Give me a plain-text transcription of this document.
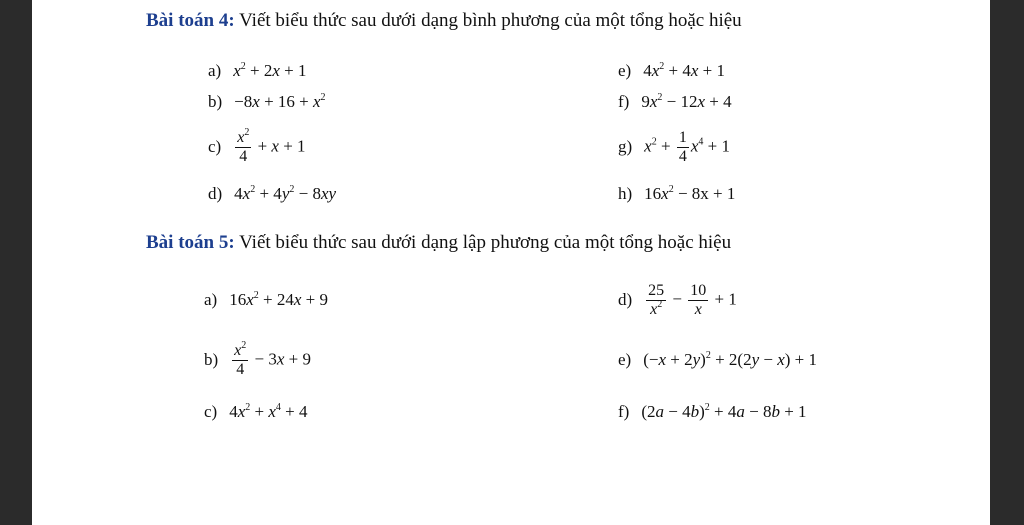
Bài toán 4: Viết biểu thức sau dưới dạng bình phương của một tổng hoặc hiệu
a) $x^2 + 2x + 1$
$b) -8x + 16 + x^2$
$c) \frac{x^2}{4} + x + 1$
d) $4x^2 + 4y^2 - 8xy$
e) $4x^2 + 4x + 1$
f) $9x^2 - 12x + 4$
g) $x^2 + \frac{1}{4} x^4 + 1$
h) $16x^2 - 8x + 1$
Bài toán 5: Viết biểu thức sau dưới dạng lập phương của một tổng hoặc hiệu
a) $16x^2 + 24x + 9$
$b) \frac{x^2}{4} - 3x + 9$
c) $4x^2 + x^4 + 4$
$d) \frac{25}{x^2} - \frac{10}{x} + 1$
e) $(-x + 2y)^2 + 2(2y - x) + 1$
f) $(2a - 4b)^2 + 4a - 8b + 1$
